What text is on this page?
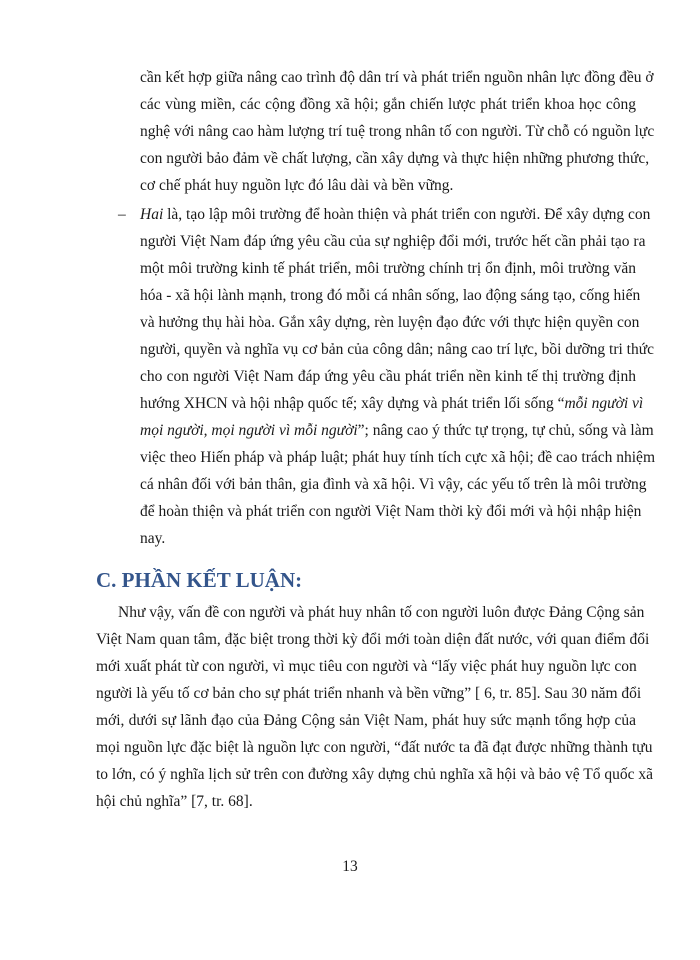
cần kết hợp giữa nâng cao trình độ dân trí và phát triển nguồn nhân lực đồng đều ở
các vùng miền, các cộng đồng xã hội; gắn chiến lược phát triển khoa học công
nghệ với nâng cao hàm lượng trí tuệ trong nhân tố con người. Từ chỗ có nguồn lực
con người bảo đảm về chất lượng, cần xây dựng và thực hiện những phương thức,
cơ chế phát huy nguồn lực đó lâu dài và bền vững.
– Hai là, tạo lập môi trường để hoàn thiện và phát triển con người. Để xây dựng con
người Việt Nam đáp ứng yêu cầu của sự nghiệp đổi mới, trước hết cần phải tạo ra
một môi trường kinh tế phát triển, môi trường chính trị ổn định, môi trường văn
hóa - xã hội lành mạnh, trong đó mỗi cá nhân sống, lao động sáng tạo, cống hiến
và hưởng thụ hài hòa. Gắn xây dựng, rèn luyện đạo đức với thực hiện quyền con
người, quyền và nghĩa vụ cơ bản của công dân; nâng cao trí lực, bồi dưỡng tri thức
cho con người Việt Nam đáp ứng yêu cầu phát triển nền kinh tế thị trường định
hướng XHCN và hội nhập quốc tế; xây dựng và phát triển lối sống “mỗi người vì
mọi người, mọi người vì mỗi người”; nâng cao ý thức tự trọng, tự chủ, sống và làm
việc theo Hiến pháp và pháp luật; phát huy tính tích cực xã hội; đề cao trách nhiệm
cá nhân đối với bản thân, gia đình và xã hội. Vì vậy, các yếu tố trên là môi trường
để hoàn thiện và phát triển con người Việt Nam thời kỳ đổi mới và hội nhập hiện
nay.
C. PHẦN KẾT LUẬN:
Như vậy, vấn đề con người và phát huy nhân tố con người luôn được Đảng Cộng sản
Việt Nam quan tâm, đặc biệt trong thời kỳ đổi mới toàn diện đất nước, với quan điểm đổi
mới xuất phát từ con người, vì mục tiêu con người và “lấy việc phát huy nguồn lực con
người là yếu tố cơ bản cho sự phát triển nhanh và bền vững” [ 6, tr. 85]. Sau 30 năm đổi
mới, dưới sự lãnh đạo của Đảng Cộng sản Việt Nam, phát huy sức mạnh tổng hợp của
mọi nguồn lực đặc biệt là nguồn lực con người, “đất nước ta đã đạt được những thành tựu
to lớn, có ý nghĩa lịch sử trên con đường xây dựng chủ nghĩa xã hội và bảo vệ Tổ quốc xã
hội chủ nghĩa” [7, tr. 68].
13
